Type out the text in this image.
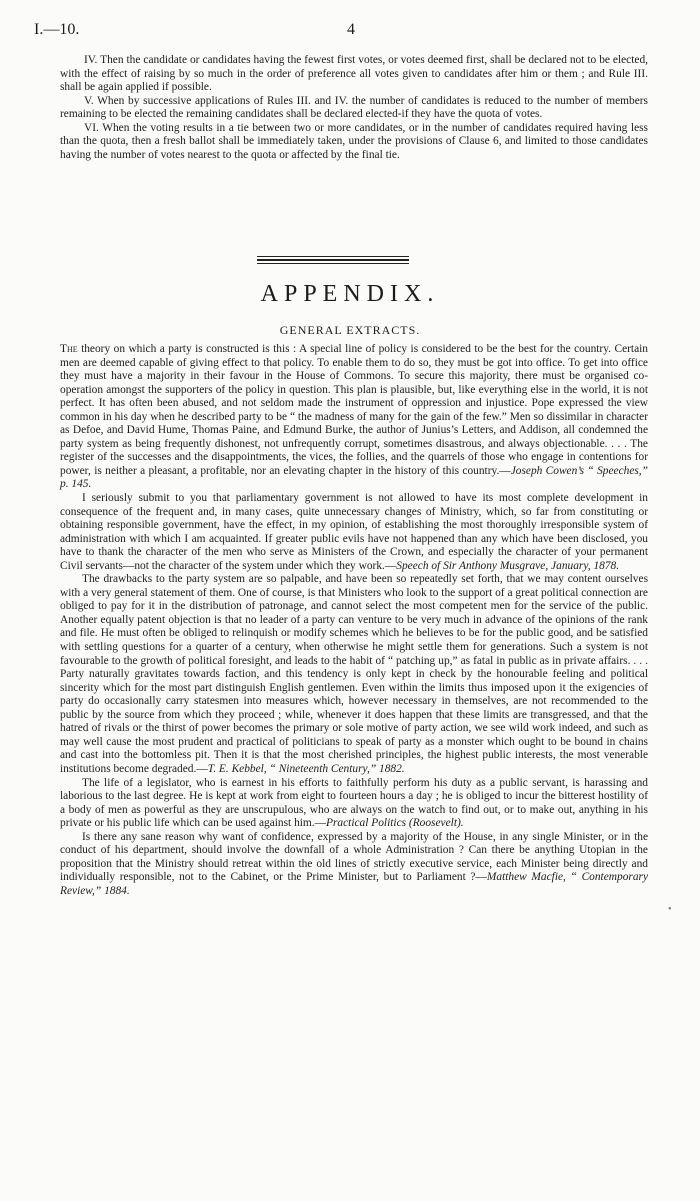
I.—10.	4

IV. Then the candidate or candidates having the fewest first votes, or votes deemed first, shall be declared not to be elected, with the effect of raising by so much in the order of preference all votes given to candidates after him or them ; and Rule III. shall be again applied if possible.

V. When by successive applications of Rules III. and IV. the number of candidates is reduced to the number of members remaining to be elected the remaining candidates shall be declared elected-if they have the quota of votes.

VI. When the voting results in a tie between two or more candidates, or in the number of candidates required having less than the quota, then a fresh ballot shall be immediately taken, under the provisions of Clause 6, and limited to those candidates having the number of votes nearest to the quota or affected by the final tie.

APPENDIX.
GENERAL EXTRACTS.

The theory on which a party is constructed is this : A special line of policy is considered to be the best for the country. Certain men are deemed capable of giving effect to that policy. To enable them to do so, they must be got into office. To get into office they must have a majority in their favour in the House of Commons. To secure this majority, there must be organised co-operation amongst the supporters of the policy in question. This plan is plausible, but, like everything else in the world, it is not perfect. It has often been abused, and not seldom made the instrument of oppression and injustice. Pope expressed the view common in his day when he described party to be “ the madness of many for the gain of the few.” Men so dissimilar in character as Defoe, and David Hume, Thomas Paine, and Edmund Burke, the author of Junius’s Letters, and Addison, all condemned the party system as being frequently dishonest, not unfrequently corrupt, sometimes disastrous, and always objectionable. . . . The register of the successes and the disappointments, the vices, the follies, and the quarrels of those who engage in contentions for power, is neither a pleasant, a profitable, nor an elevating chapter in the history of this country.—Joseph Cowen’s “ Speeches,” p. 145.

I seriously submit to you that parliamentary government is not allowed to have its most complete development in consequence of the frequent and, in many cases, quite unnecessary changes of Ministry, which, so far from constituting or obtaining responsible government, have the effect, in my opinion, of establishing the most thoroughly irresponsible system of administration with which I am acquainted. If greater public evils have not happened than any which have been disclosed, you have to thank the character of the men who serve as Ministers of the Crown, and especially the character of your permanent Civil servants—not the character of the system under which they work.—Speech of Sir Anthony Musgrave, January, 1878.

The drawbacks to the party system are so palpable, and have been so repeatedly set forth, that we may content ourselves with a very general statement of them. One of course, is that Ministers who look to the support of a great political connection are obliged to pay for it in the distribution of patronage, and cannot select the most competent men for the service of the public. Another equally patent objection is that no leader of a party can venture to be very much in advance of the opinions of the rank and file. He must often be obliged to relinquish or modify schemes which he believes to be for the public good, and be satisfied with settling questions for a quarter of a century, when otherwise he might settle them for generations. Such a system is not favourable to the growth of political foresight, and leads to the habit of “ patching up,” as fatal in public as in private affairs. . . . Party naturally gravitates towards faction, and this tendency is only kept in check by the honourable feeling and political sincerity which for the most part distinguish English gentlemen. Even within the limits thus imposed upon it the exigencies of party do occasionally carry statesmen into measures which, however necessary in themselves, are not recommended to the public by the source from which they proceed ; while, whenever it does happen that these limits are transgressed, and that the hatred of rivals or the thirst of power becomes the primary or sole motive of party action, we see wild work indeed, and such as may well cause the most prudent and practical of politicians to speak of party as a monster which ought to be bound in chains and cast into the bottomless pit. Then it is that the most cherished principles, the highest public interests, the most venerable institutions become degraded.—T. E. Kebbel, “ Nineteenth Century,” 1882.

The life of a legislator, who is earnest in his efforts to faithfully perform his duty as a public servant, is harassing and laborious to the last degree. He is kept at work from eight to fourteen hours a day ; he is obliged to incur the bitterest hostility of a body of men as powerful as they are unscrupulous, who are always on the watch to find out, or to make out, anything in his private or his public life which can be used against him.—Practical Politics (Roosevelt).

Is there any sane reason why want of confidence, expressed by a majority of the House, in any single Minister, or in the conduct of his department, should involve the downfall of a whole Administration ? Can there be anything Utopian in the proposition that the Ministry should retreat within the old lines of strictly executive service, each Minister being directly and individually responsible, not to the Cabinet, or the Prime Minister, but to Parliament ?—Matthew Macfie, “ Contemporary Review,” 1884.

•
